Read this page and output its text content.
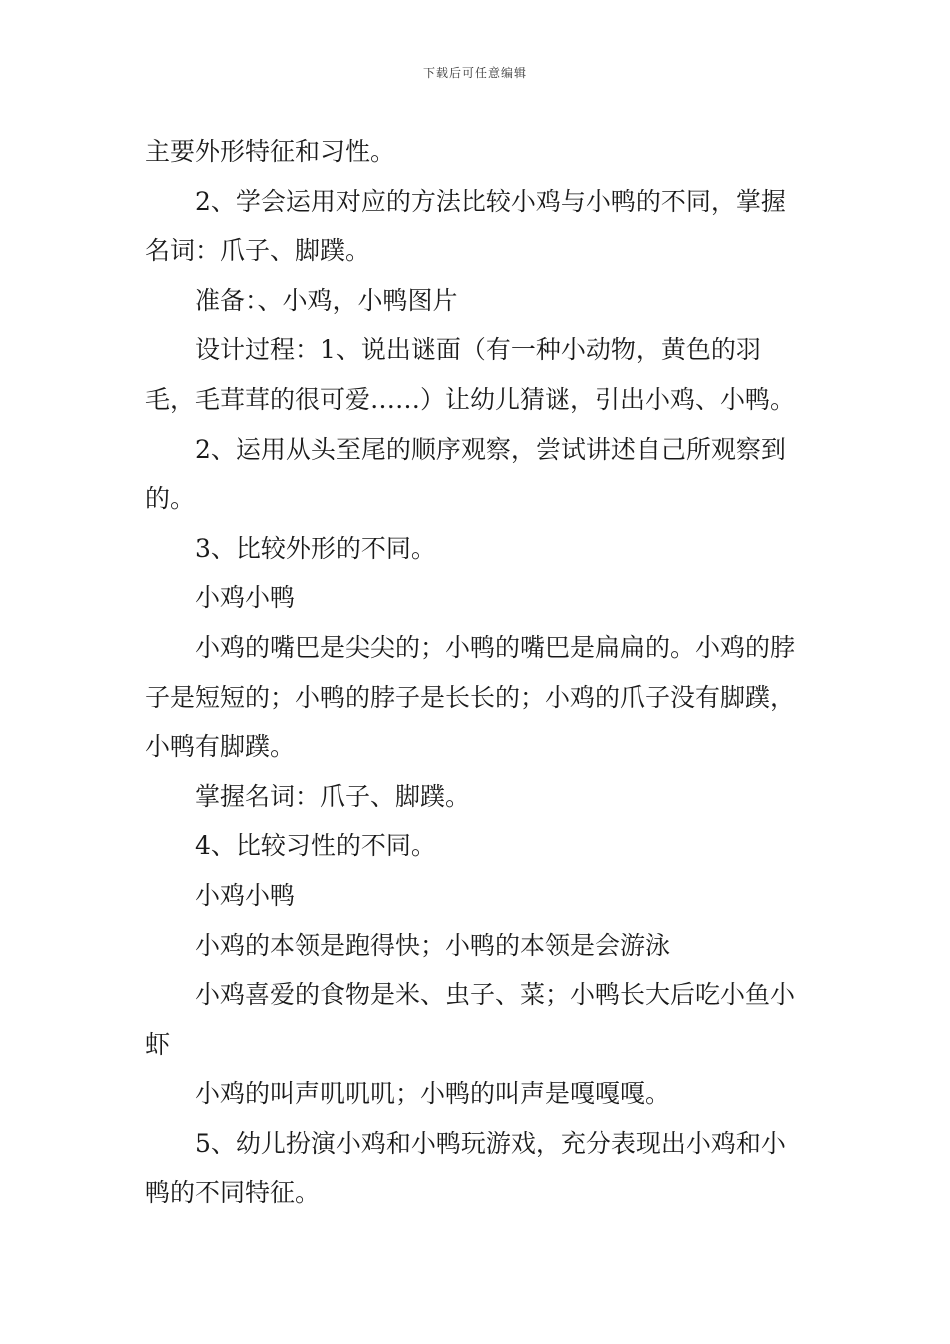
下载后可任意编辑

主要外形特征和习性。

2、学会运用对应的方法比较小鸡与小鸭的不同，掌握名词：爪子、脚蹼。

准备：、小鸡，小鸭图片

设计过程：1、说出谜面（有一种小动物，黄色的羽毛，毛茸茸的很可爱……）让幼儿猜谜，引出小鸡、小鸭。

2、运用从头至尾的顺序观察，尝试讲述自己所观察到的。

3、比较外形的不同。

小鸡小鸭

小鸡的嘴巴是尖尖的；小鸭的嘴巴是扁扁的。小鸡的脖子是短短的；小鸭的脖子是长长的；小鸡的爪子没有脚蹼，小鸭有脚蹼。

掌握名词：爪子、脚蹼。

4、比较习性的不同。

小鸡小鸭

小鸡的本领是跑得快；小鸭的本领是会游泳

小鸡喜爱的食物是米、虫子、菜；小鸭长大后吃小鱼小虾

小鸡的叫声叽叽叽；小鸭的叫声是嘎嘎嘎。

5、幼儿扮演小鸡和小鸭玩游戏，充分表现出小鸡和小鸭的不同特征。
